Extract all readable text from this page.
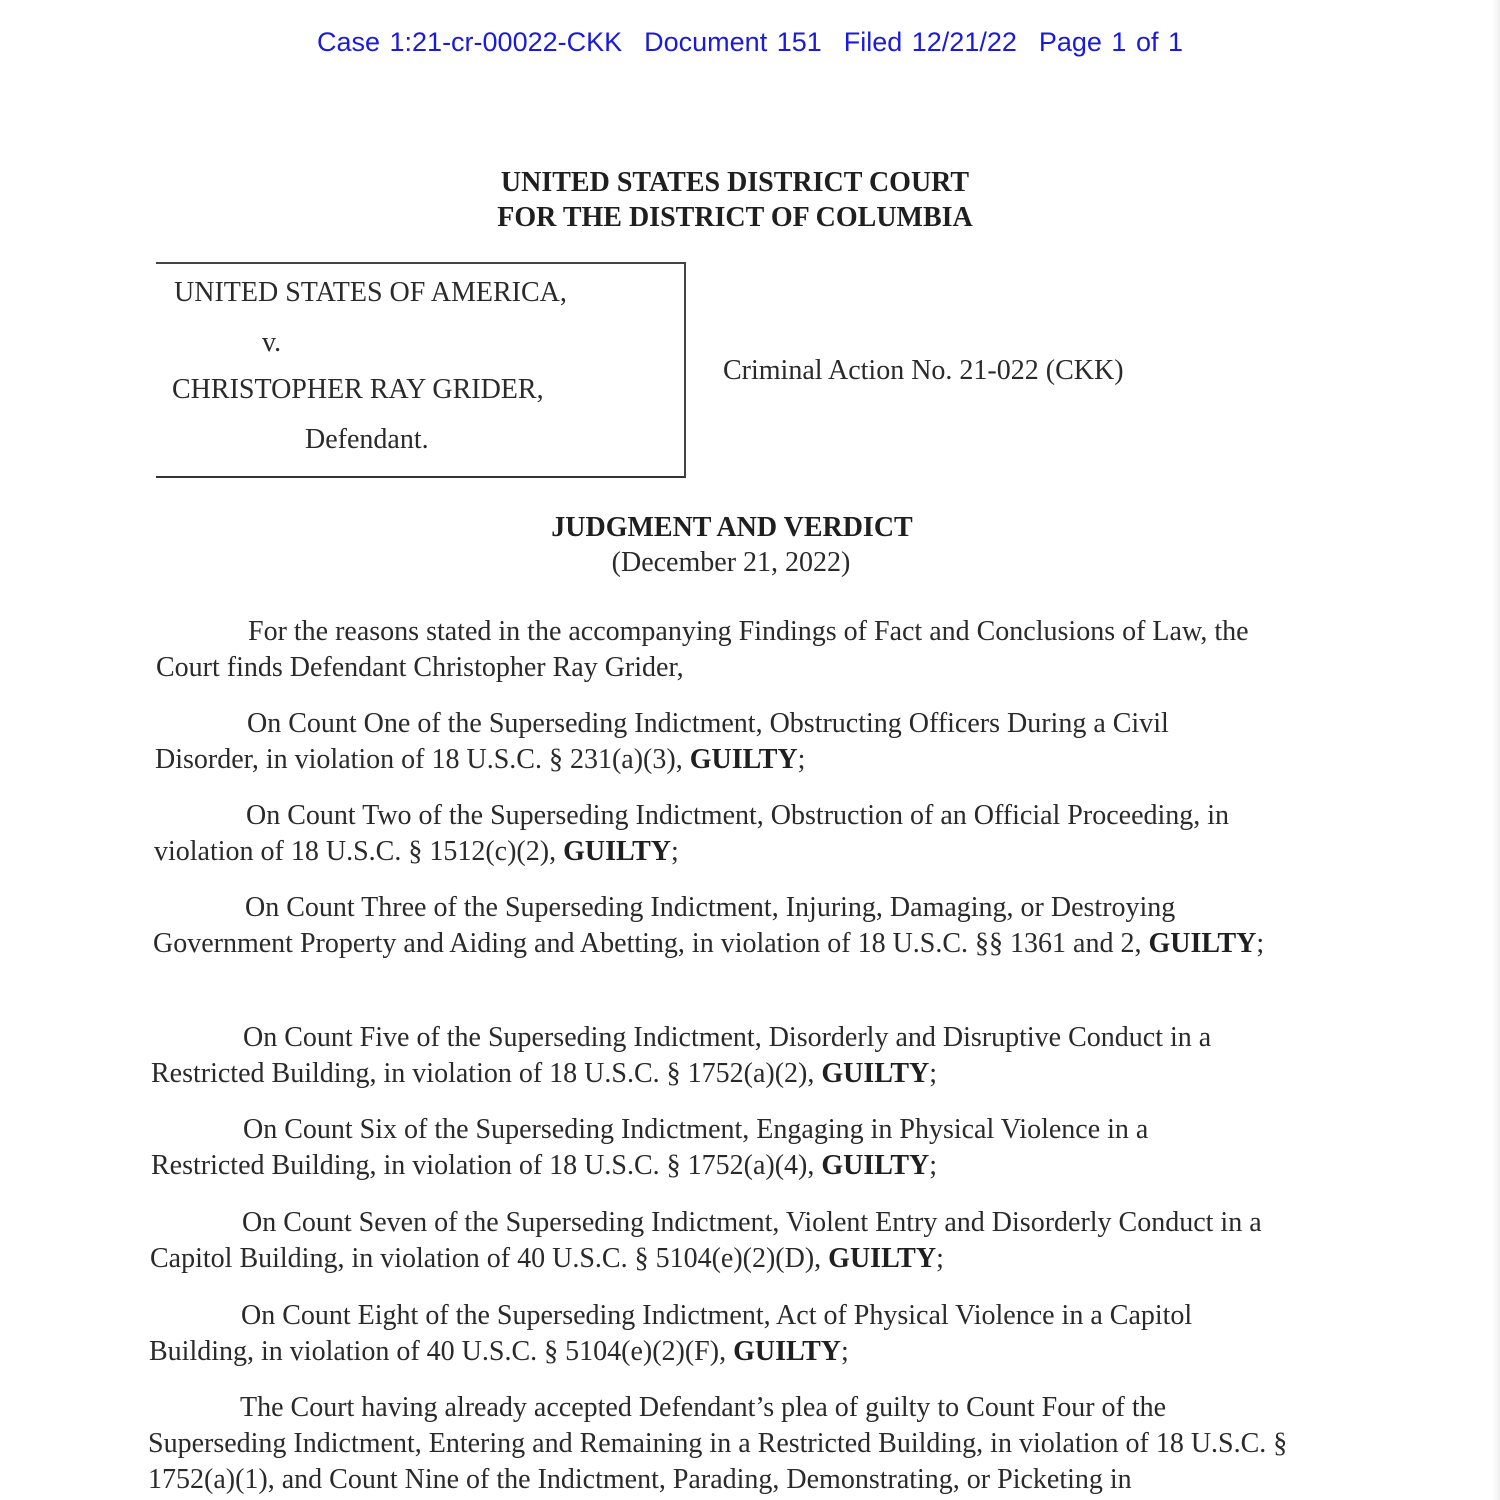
Case 1:21-cr-00022-CKK Document 151 Filed 12/21/22 Page 1 of 1
UNITED STATES DISTRICT COURT
FOR THE DISTRICT OF COLUMBIA
UNITED STATES OF AMERICA,
v.
CHRISTOPHER RAY GRIDER,
Defendant.
Criminal Action No. 21-022 (CKK)
JUDGMENT AND VERDICT
(December 21, 2022)
For the reasons stated in the accompanying Findings of Fact and Conclusions of Law, the Court finds Defendant Christopher Ray Grider,
On Count One of the Superseding Indictment, Obstructing Officers During a Civil Disorder, in violation of 18 U.S.C. § 231(a)(3), GUILTY;
On Count Two of the Superseding Indictment, Obstruction of an Official Proceeding, in violation of 18 U.S.C. § 1512(c)(2), GUILTY;
On Count Three of the Superseding Indictment, Injuring, Damaging, or Destroying Government Property and Aiding and Abetting, in violation of 18 U.S.C. §§ 1361 and 2, GUILTY;
On Count Five of the Superseding Indictment, Disorderly and Disruptive Conduct in a Restricted Building, in violation of 18 U.S.C. § 1752(a)(2), GUILTY;
On Count Six of the Superseding Indictment, Engaging in Physical Violence in a Restricted Building, in violation of 18 U.S.C. § 1752(a)(4), GUILTY;
On Count Seven of the Superseding Indictment, Violent Entry and Disorderly Conduct in a Capitol Building, in violation of 40 U.S.C. § 5104(e)(2)(D), GUILTY;
On Count Eight of the Superseding Indictment, Act of Physical Violence in a Capitol Building, in violation of 40 U.S.C. § 5104(e)(2)(F), GUILTY;
The Court having already accepted Defendant’s plea of guilty to Count Four of the Superseding Indictment, Entering and Remaining in a Restricted Building, in violation of 18 U.S.C. § 1752(a)(1), and Count Nine of the Indictment, Parading, Demonstrating, or Picketing in
